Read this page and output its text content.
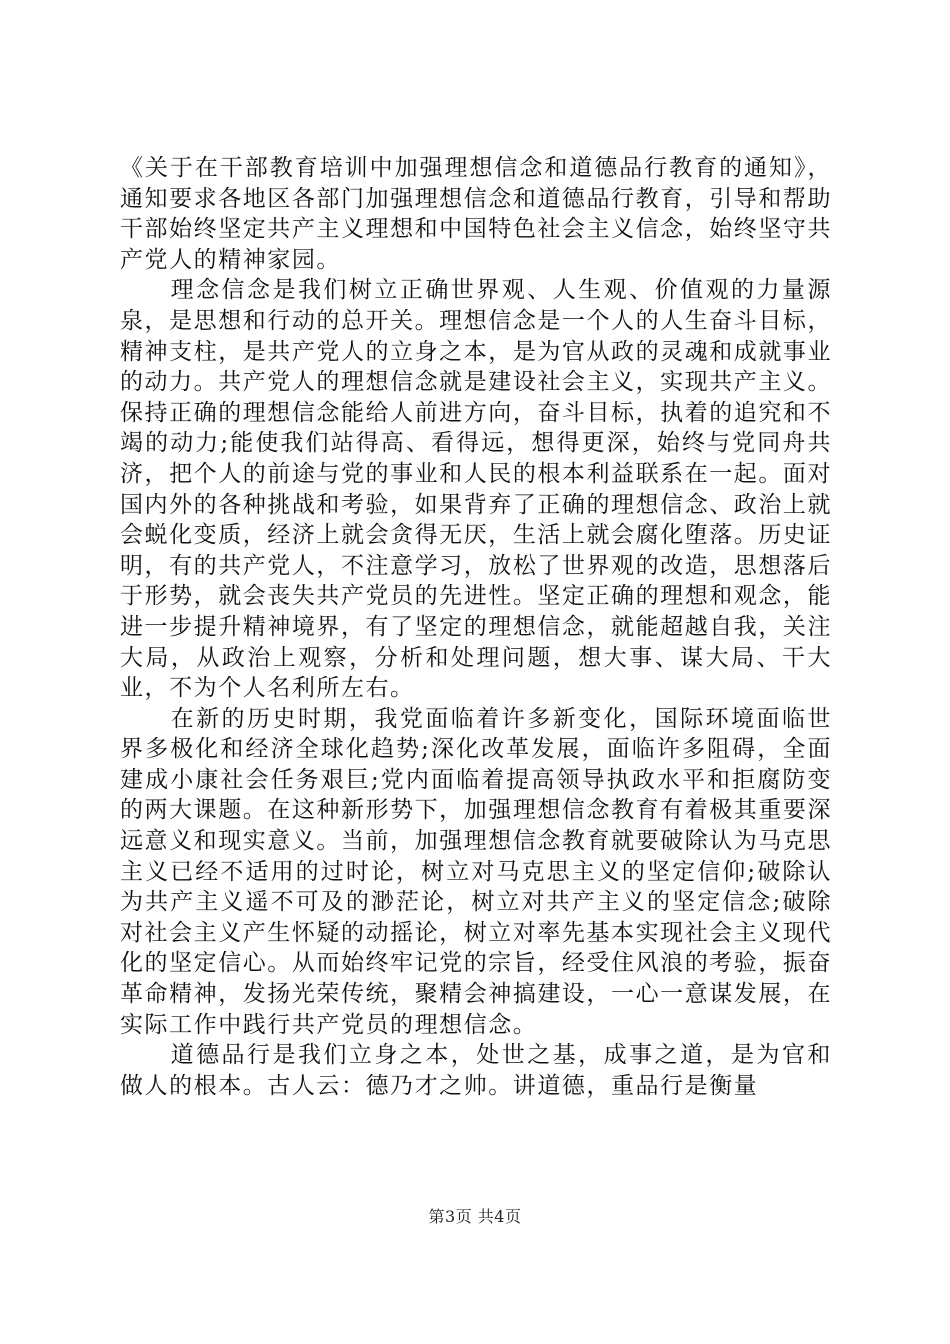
《关于在干部教育培训中加强理想信念和道德品行教育的通知》，通知要求各地区各部门加强理想信念和道德品行教育，引导和帮助干部始终坚定共产主义理想和中国特色社会主义信念，始终坚守共产党人的精神家园。

理念信念是我们树立正确世界观、人生观、价值观的力量源泉，是思想和行动的总开关。理想信念是一个人的人生奋斗目标，精神支柱，是共产党人的立身之本，是为官从政的灵魂和成就事业的动力。共产党人的理想信念就是建设社会主义，实现共产主义。保持正确的理想信念能给人前进方向，奋斗目标，执着的追究和不竭的动力;能使我们站得高、看得远，想得更深，始终与党同舟共济，把个人的前途与党的事业和人民的根本利益联系在一起。面对国内外的各种挑战和考验，如果背弃了正确的理想信念、政治上就会蜕化变质，经济上就会贪得无厌，生活上就会腐化堕落。历史证明，有的共产党人，不注意学习，放松了世界观的改造，思想落后于形势，就会丧失共产党员的先进性。坚定正确的理想和观念，能进一步提升精神境界，有了坚定的理想信念，就能超越自我，关注大局，从政治上观察，分析和处理问题，想大事、谋大局、干大业，不为个人名利所左右。

在新的历史时期，我党面临着许多新变化，国际环境面临世界多极化和经济全球化趋势;深化改革发展，面临许多阻碍，全面建成小康社会任务艰巨;党内面临着提高领导执政水平和拒腐防变的两大课题。在这种新形势下，加强理想信念教育有着极其重要深远意义和现实意义。当前，加强理想信念教育就要破除认为马克思主义已经不适用的过时论，树立对马克思主义的坚定信仰;破除认为共产主义遥不可及的渺茫论，树立对共产主义的坚定信念;破除对社会主义产生怀疑的动摇论，树立对率先基本实现社会主义现代化的坚定信心。从而始终牢记党的宗旨，经受住风浪的考验，振奋革命精神，发扬光荣传统，聚精会神搞建设，一心一意谋发展，在实际工作中践行共产党员的理想信念。

道德品行是我们立身之本，处世之基，成事之道，是为官和做人的根本。古人云：德乃才之帅。讲道德，重品行是衡量

第3页 共4页
